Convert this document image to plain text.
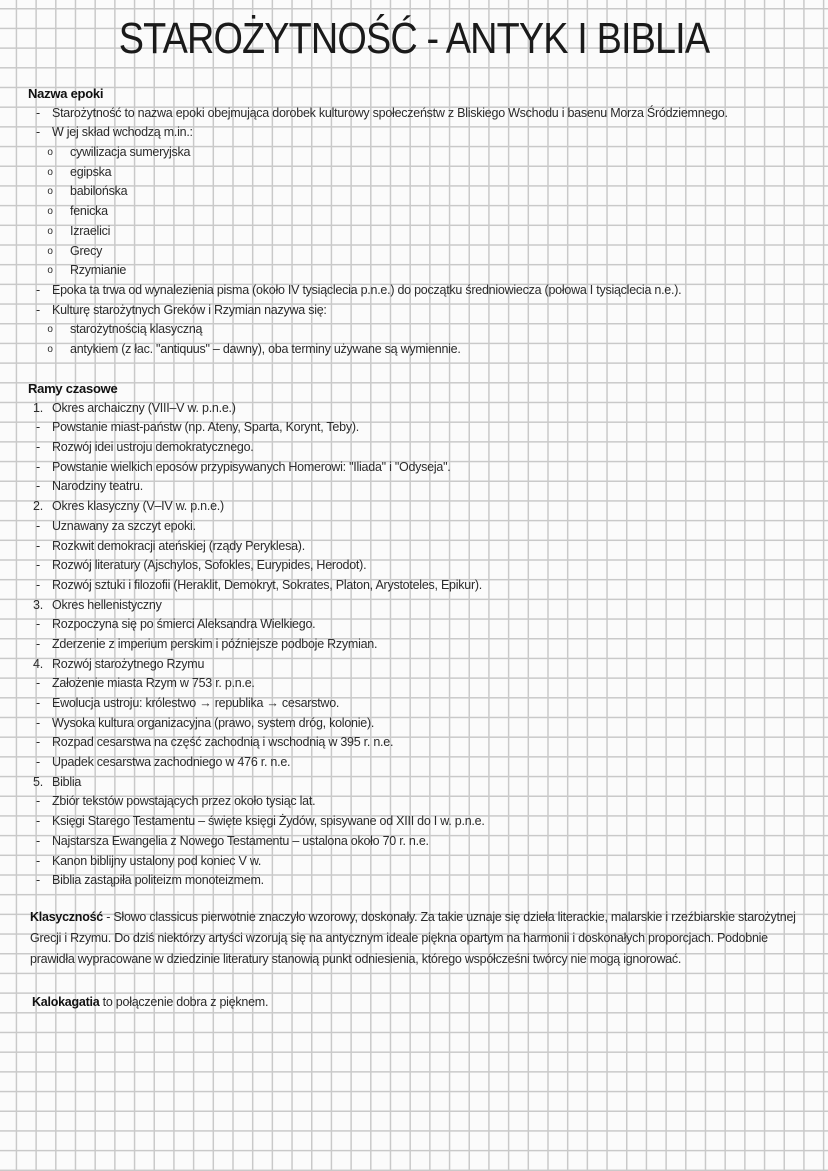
STAROŻYTNOŚĆ - ANTYK I BIBLIA
Nazwa epoki
- Starożytność to nazwa epoki obejmująca dorobek kulturowy społeczeństw z Bliskiego Wschodu i basenu Morza Śródziemnego.
- W jej skład wchodzą m.in.:
o	cywilizacja sumeryjska
o	egipska
o	babilońska
o	fenicka
o	Izraelici
o	Grecy
o	Rzymianie
- Epoka ta trwa od wynalezienia pisma (około IV tysiąclecia p.n.e.) do początku średniowiecza (połowa I tysiąclecia n.e.).
- Kulturę starożytnych Greków i Rzymian nazywa się:
o	starożytnością klasyczną
o	antykiem (z łac. "antiquus" – dawny), oba terminy używane są wymiennie.
Ramy czasowe
1. Okres archaiczny (VIII–V w. p.n.e.)
- Powstanie miast-państw (np. Ateny, Sparta, Korynt, Teby).
- Rozwój idei ustroju demokratycznego.
- Powstanie wielkich eposów przypisywanych Homerowi: "Iliada" i "Odyseja".
- Narodziny teatru.
2. Okres klasyczny (V–IV w. p.n.e.)
- Uznawany za szczyt epoki.
- Rozkwit demokracji ateńskiej (rządy Peryklesa).
- Rozwój literatury (Ajschylos, Sofokles, Eurypides, Herodot).
- Rozwój sztuki i filozofii (Heraklit, Demokryt, Sokrates, Platon, Arystoteles, Epikur).
3. Okres hellenistyczny
- Rozpoczyna się po śmierci Aleksandra Wielkiego.
- Zderzenie z imperium perskim i późniejsze podboje Rzymian.
4. Rozwój starożytnego Rzymu
- Założenie miasta Rzym w 753 r. p.n.e.
- Ewolucja ustroju: królestwo → republika → cesarstwo.
- Wysoka kultura organizacyjna (prawo, system dróg, kolonie).
- Rozpad cesarstwa na część zachodnią i wschodnią w 395 r. n.e.
- Upadek cesarstwa zachodniego w 476 r. n.e.
5. Biblia
- Zbiór tekstów powstających przez około tysiąc lat.
- Księgi Starego Testamentu – święte księgi Żydów, spisywane od XIII do I w. p.n.e.
- Najstarsza Ewangelia z Nowego Testamentu – ustalona około 70 r. n.e.
- Kanon biblijny ustalony pod koniec V w.
- Biblia zastąpiła politeizm monoteizmem.
Klasyczność - Słowo classicus pierwotnie znaczyło wzorowy, doskonały. Za takie uznaje się dzieła literackie, malarskie i rzeźbiarskie starożytnej Grecji i Rzymu. Do dziś niektórzy artyści wzorują się na antycznym ideale piękna opartym na harmonii i doskonałych proporcjach. Podobnie prawidła wypracowane w dziedzinie literatury stanowią punkt odniesienia, którego współcześni twórcy nie mogą ignorować.
Kalokagatia to połączenie dobra z pięknem.
